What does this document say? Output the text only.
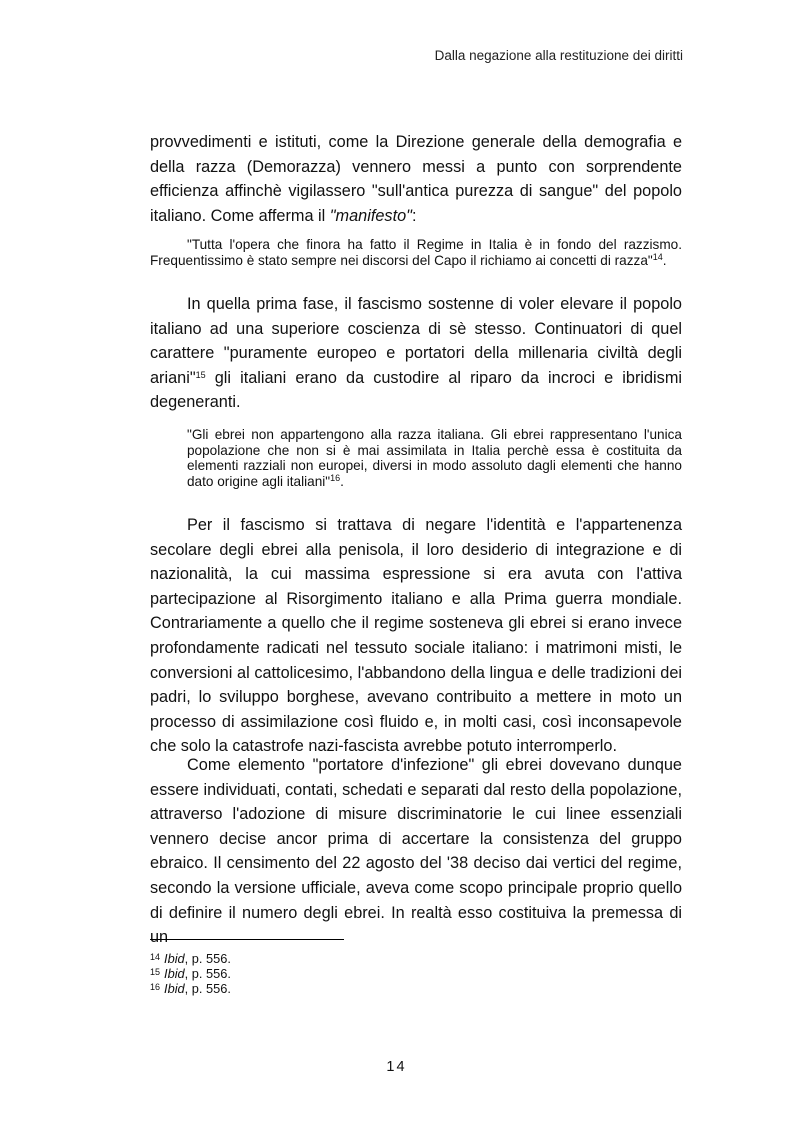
Dalla negazione alla restituzione dei diritti

provvedimenti e istituti, come la Direzione generale della demografia e della razza (Demorazza) vennero messi a punto con sorprendente efficienza affinchè vigilassero "sull'antica purezza di sangue" del popolo italiano. Come afferma il "manifesto":

"Tutta l'opera che finora ha fatto il Regime in Italia è in fondo del razzismo. Frequentissimo è stato sempre nei discorsi del Capo il richiamo ai concetti di razza"$^{14}$.

In quella prima fase, il fascismo sostenne di voler elevare il popolo italiano ad una superiore coscienza di sè stesso. Continuatori di quel carattere "puramente europeo e portatori della millenaria civiltà degli ariani"$^{15}$ gli italiani erano da custodire al riparo da incroci e ibridismi degeneranti.

"Gli ebrei non appartengono alla razza italiana. Gli ebrei rappresentano l'unica popolazione che non si è mai assimilata in Italia perchè essa è costituita da elementi razziali non europei, diversi in modo assoluto dagli elementi che hanno dato origine agli italiani"$^{16}$.

Per il fascismo si trattava di negare l'identità e l'appartenenza secolare degli ebrei alla penisola, il loro desiderio di integrazione e di nazionalità, la cui massima espressione si era avuta con l'attiva partecipazione al Risorgimento italiano e alla Prima guerra mondiale. Contrariamente a quello che il regime sosteneva gli ebrei si erano invece profondamente radicati nel tessuto sociale italiano: i matrimoni misti, le conversioni al cattolicesimo, l'abbandono della lingua e delle tradizioni dei padri, lo sviluppo borghese, avevano contribuito a mettere in moto un processo di assimilazione così fluido e, in molti casi, così inconsapevole che solo la catastrofe nazi-fascista avrebbe potuto interromperlo.

Come elemento "portatore d'infezione" gli ebrei dovevano dunque essere individuati, contati, schedati e separati dal resto della popolazione, attraverso l'adozione di misure discriminatorie le cui linee essenziali vennero decise ancor prima di accertare la consistenza del gruppo ebraico. Il censimento del 22 agosto del '38 deciso dai vertici del regime, secondo la versione ufficiale, aveva come scopo principale proprio quello di definire il numero degli ebrei. In realtà esso costituiva la premessa di un

$^{14}$ Ibid, p. 556.
$^{15}$ Ibid, p. 556.
$^{16}$ Ibid, p. 556.
14
